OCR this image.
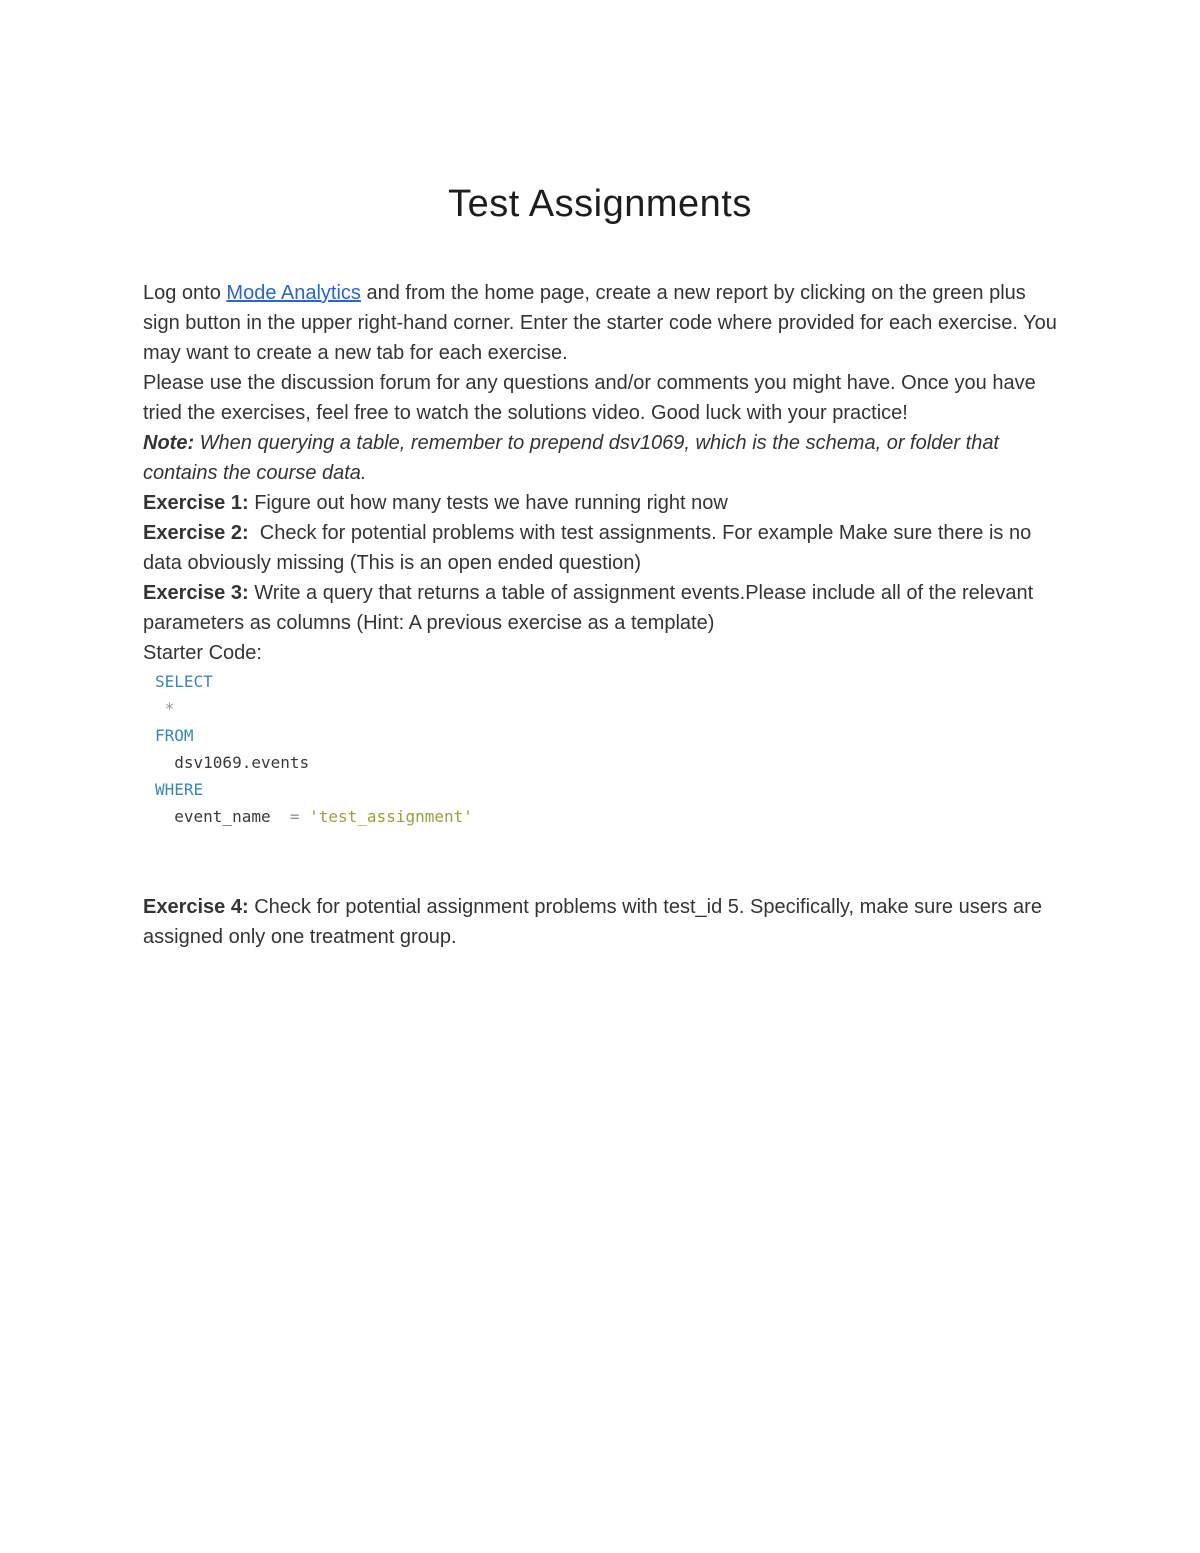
Test Assignments

Log onto Mode Analytics and from the home page, create a new report by clicking on the green plus sign button in the upper right-hand corner. Enter the starter code where provided for each exercise. You may want to create a new tab for each exercise.

Please use the discussion forum for any questions and/or comments you might have. Once you have tried the exercises, feel free to watch the solutions video. Good luck with your practice!

Note: When querying a table, remember to prepend dsv1069, which is the schema, or folder that contains the course data.

Exercise 1: Figure out how many tests we have running right now

Exercise 2:  Check for potential problems with test assignments. For example Make sure there is no data obviously missing (This is an open ended question)

Exercise 3: Write a query that returns a table of assignment events.Please include all of the relevant parameters as columns (Hint: A previous exercise as a template)

Starter Code:

SELECT
*
FROM
dsv1069.events
WHERE
event_name  = 'test_assignment'

Exercise 4: Check for potential assignment problems with test_id 5. Specifically, make sure users are assigned only one treatment group.
